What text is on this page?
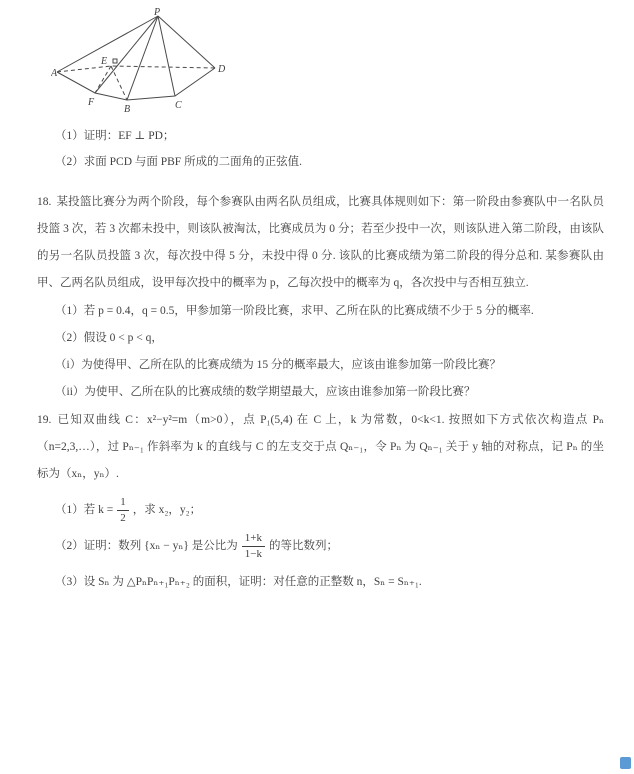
P
A
E
D
F
B	C
（1）证明：EF ⊥ PD；
（2）求面 PCD 与面 PBF 所成的二面角的正弦值.

18. 某投篮比赛分为两个阶段，每个参赛队由两名队员组成，比赛具体规则如下：第一阶段由参赛队中一名队员投篮 3 次，若 3 次都未投中，则该队被淘汰，比赛成员为 0 分；若至少投中一次，则该队进入第二阶段，由该队的另一名队员投篮 3 次，每次投中得 5 分，未投中得 0 分. 该队的比赛成绩为第二阶段的得分总和. 某参赛队由甲、乙两名队员组成，设甲每次投中的概率为 p，乙每次投中的概率为 q，各次投中与否相互独立.

（1）若 p = 0.4，q = 0.5，甲参加第一阶段比赛，求甲、乙所在队的比赛成绩不少于 5 分的概率.
（2）假设 0 < p < q，
（i）为使得甲、乙所在队的比赛成绩为 15 分的概率最大，应该由谁参加第一阶段比赛？
（ii）为使甲、乙所在队的比赛成绩的数学期望最大，应该由谁参加第一阶段比赛？

19. 已知双曲线 C：x²−y²=m（m>0），点 P₁(5,4) 在 C 上，k 为常数，0<k<1. 按照如下方式依次构造点 Pₙ（n=2,3,…），过 Pₙ₋₁ 作斜率为 k 的直线与 C 的左支交于点 Qₙ₋₁，令 Pₙ 为 Qₙ₋₁ 关于 y 轴的对称点，记 Pₙ 的坐标为（xₙ，yₙ）.

（1）若 $k = \frac{1}{2}$ ，求 x₂，y₂；
（2）证明：数列 {xₙ − yₙ} 是公比为 $\frac{1+k}{1-k}$ 的等比数列；
（3）设 Sₙ 为 △PₙPₙ₊₁Pₙ₊₂ 的面积，证明：对任意的正整数 n，Sₙ = Sₙ₊₁.
